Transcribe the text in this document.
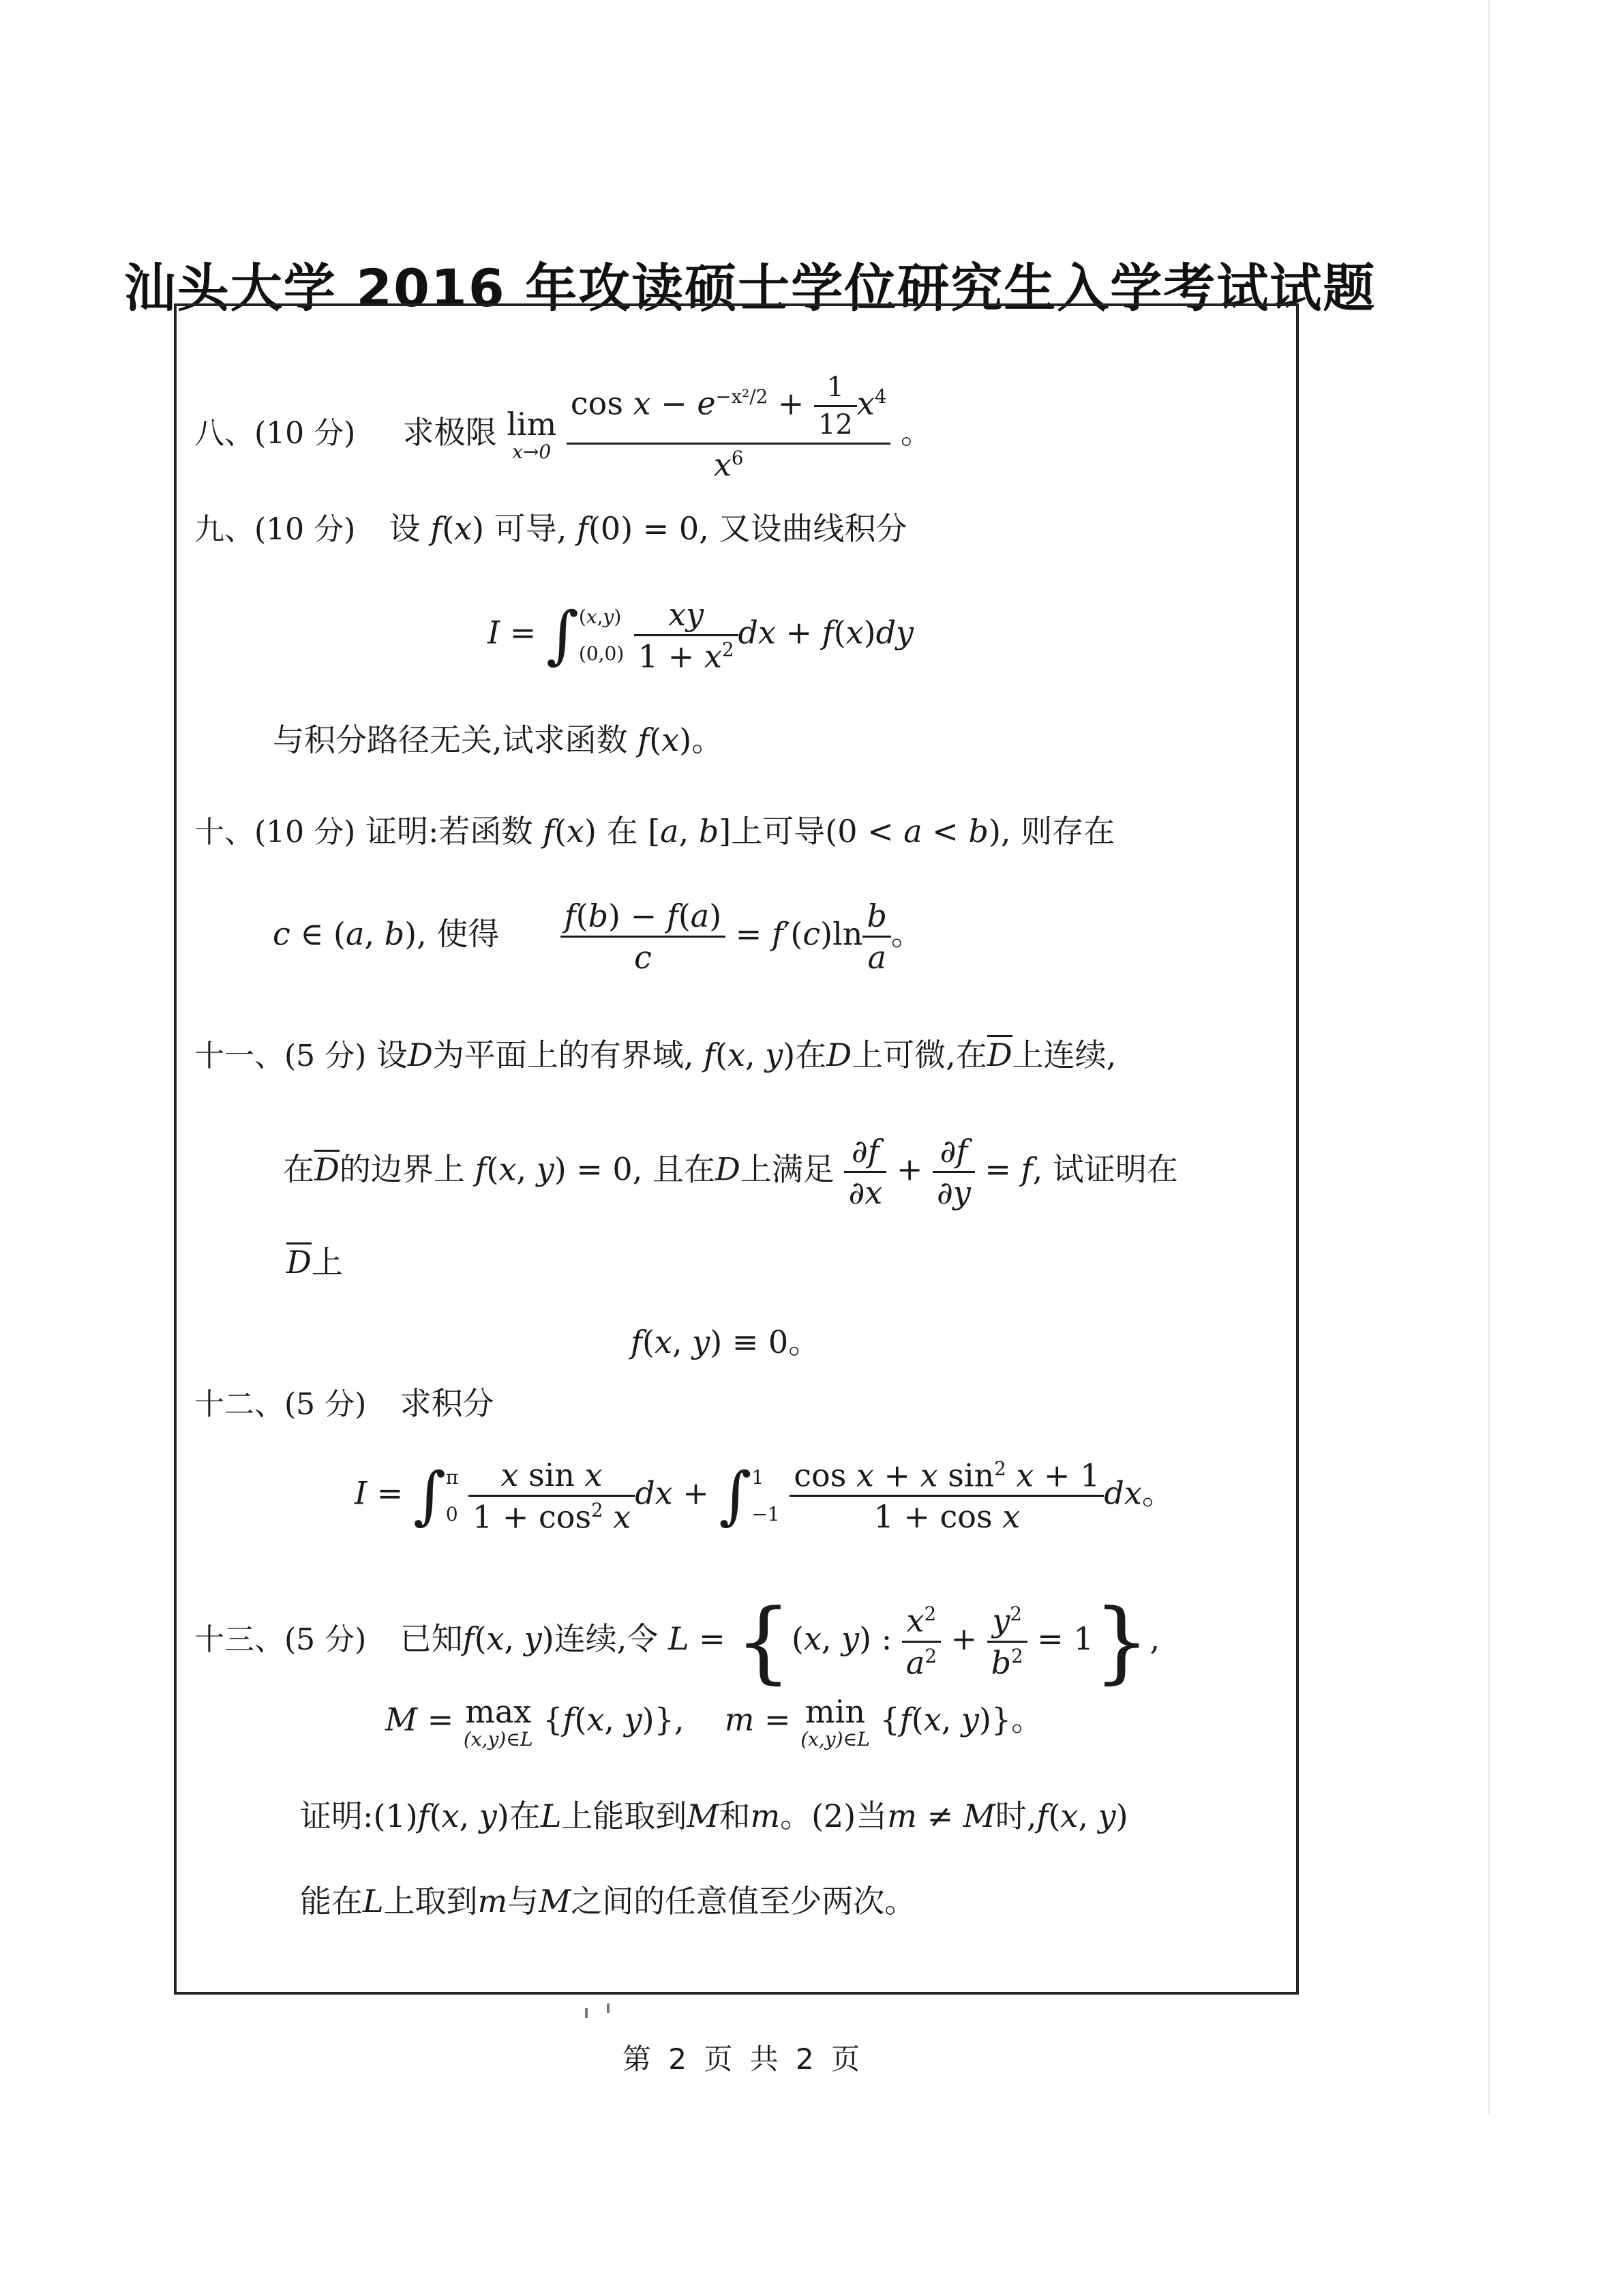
汕头大学 2016 年攻读硕士学位研究生入学考试试题
八、(10 分) 求极限 lim
x→0
$\frac{\cos x - e^{-x^2/2} + \frac{1}{12} x^4}{x^6}$ 。
九、(10 分) 设 f(x) 可导, f(0) = 0, 又设曲线积分
I = ∫ (x,y)
(0,0)
$\frac{xy}{1 + x^2}$ dx + f(x)dy
与积分路径无关,试求函数 f(x)。
十、(10 分) 证明:若函数 f(x) 在 [a, b]上可导(0 < a < b), 则存在
c ∈ (a, b), 使得 $\frac{f(b) - f(a)}{c} = f'(c)\ln \frac{b}{a}$ 。
十一、(5 分) 设D为平面上的有界域, f(x, y)在D上可微,在D上连续,
在D的边界上 f(x, y) = 0, 且在D上满足 $\frac{\partial f}{\partial x} + \frac{\partial f}{\partial y} = f$, 试证明在
D上
f(x, y) ≡ 0。
十二、(5 分) 求积分
I = ∫ π
0
$\frac{\text{x sin x}}{1 + \cos^2 x}$ dx + ∫ 1
−1
$\frac{\cos x + x \sin^2 x + 1}{\text{1 + cos x}}$ dx。
十三、(5 分) 已知f(x, y)连续,令 L = {(x, y) : $\frac{x^2}{a^2} + \frac{y^2}{b^2} = 1$},
M = max
(x,y)∈L
{f(x, y)}, m = min
(x,y)∈L
{f(x, y)}。
证明:(1)f(x, y)在L上能取到M和m。(2)当m ≠ M时,f(x, y)
能在L上取到m与M之间的任意值至少两次。
第 2 页 共 2 页
